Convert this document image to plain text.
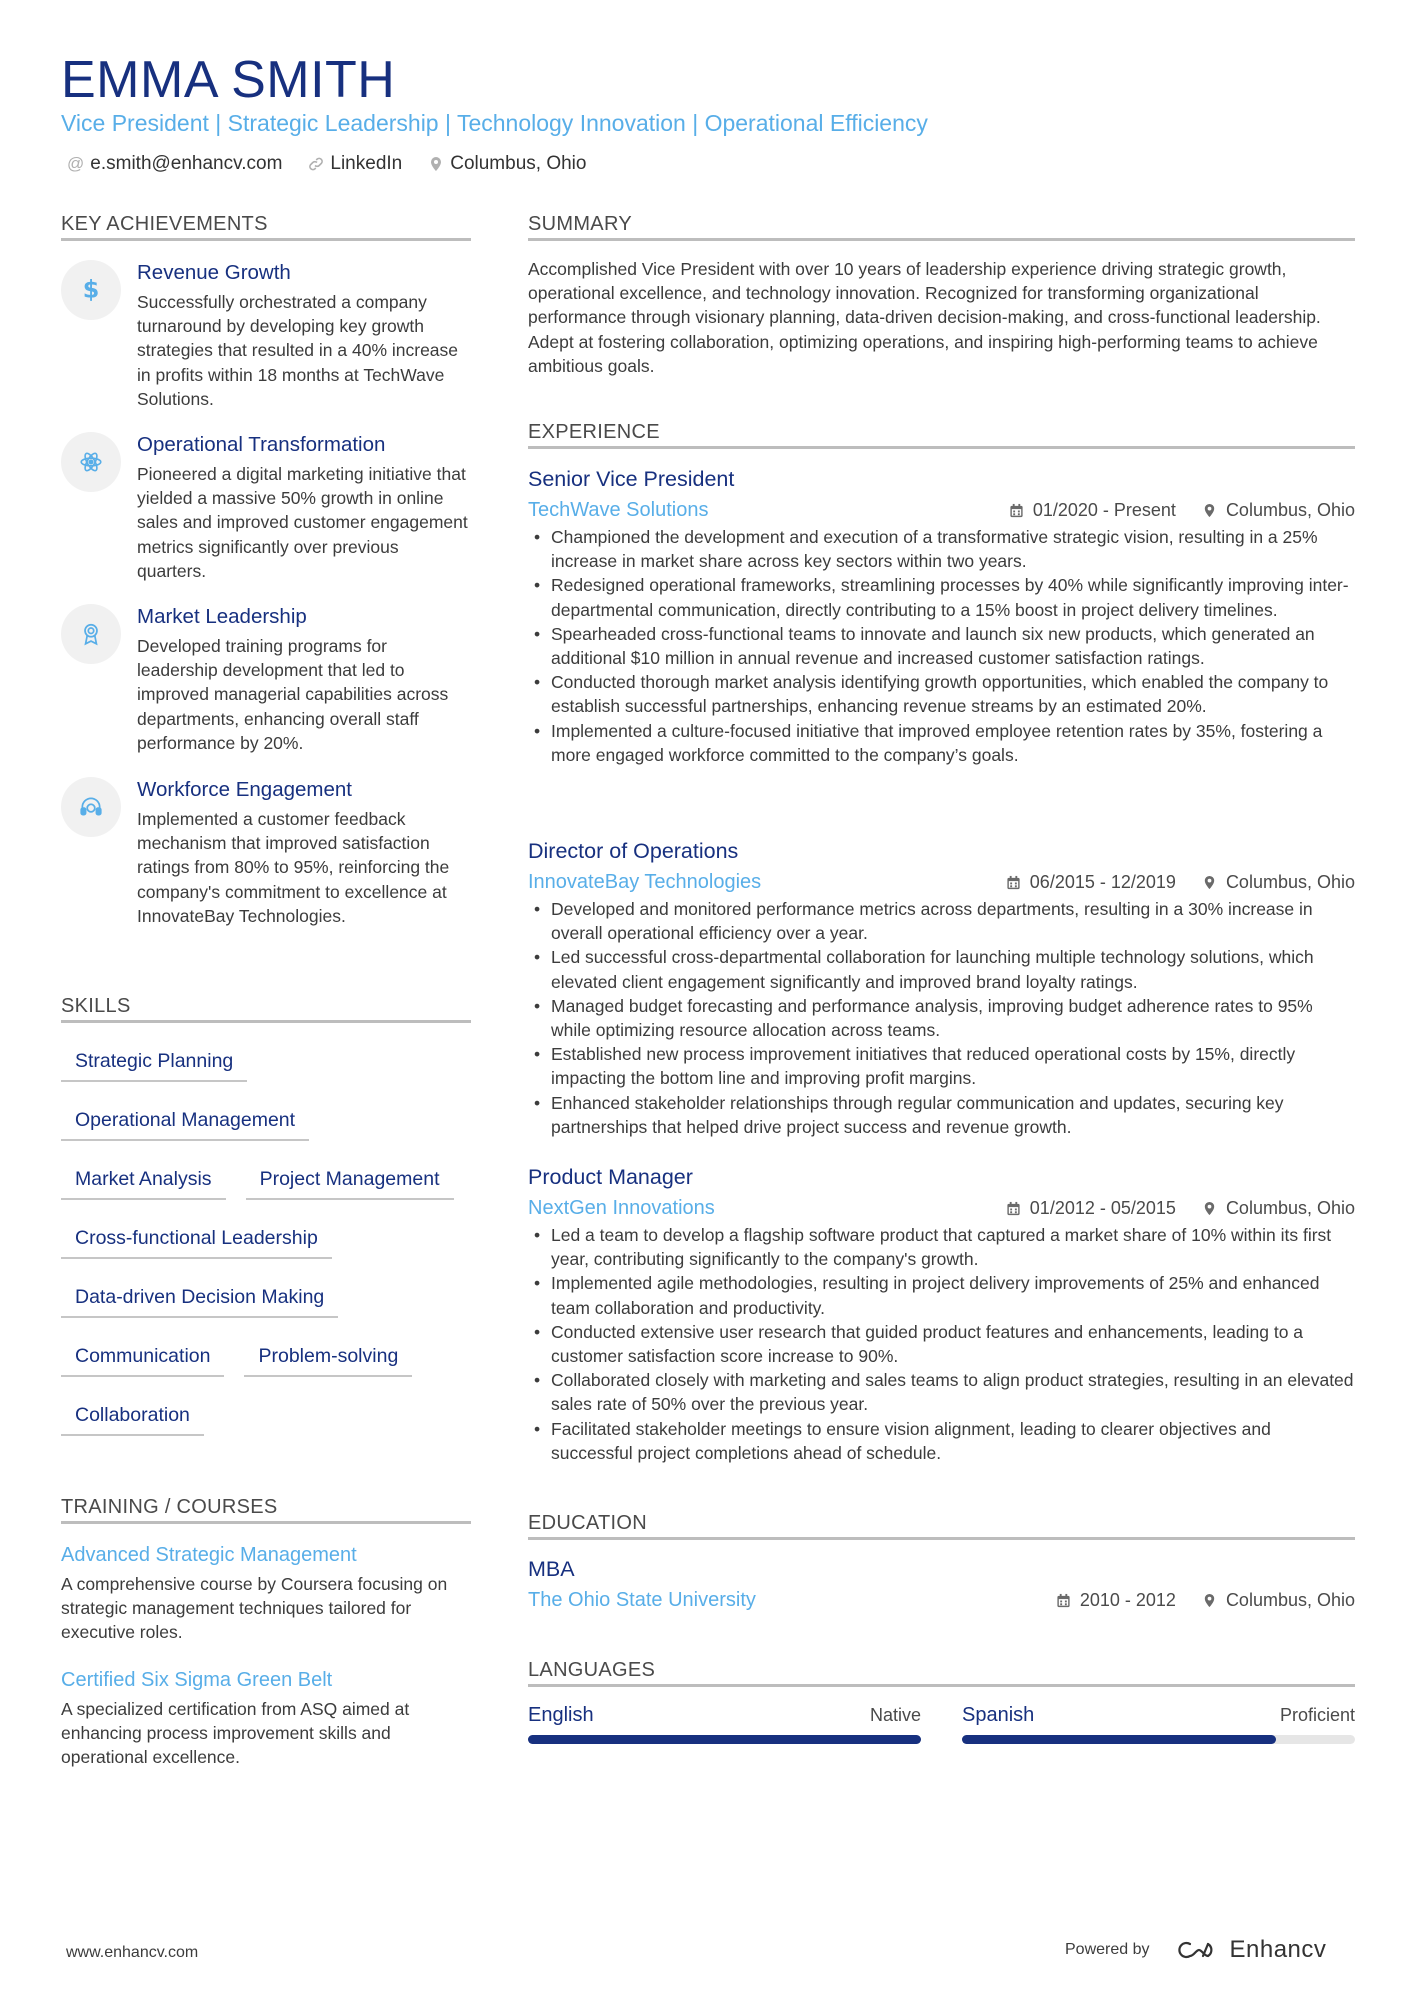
EMMA SMITH
Vice President | Strategic Leadership | Technology Innovation | Operational Efficiency
@ e.smith@enhancv.com	LinkedIn	Columbus, Ohio
KEY ACHIEVEMENTS
$
Revenue Growth
Successfully orchestrated a company turnaround by developing key growth strategies that resulted in a 40% increase in profits within 18 months at TechWave Solutions.
Operational Transformation
Pioneered a digital marketing initiative that yielded a massive 50% growth in online sales and improved customer engagement metrics significantly over previous quarters.
Market Leadership
Developed training programs for leadership development that led to improved managerial capabilities across departments, enhancing overall staff performance by 20%.
Workforce Engagement
Implemented a customer feedback mechanism that improved satisfaction ratings from 80% to 95%, reinforcing the company's commitment to excellence at InnovateBay Technologies.
SKILLS
Strategic Planning
Operational Management
Market Analysis	Project Management
Cross-functional Leadership
Data-driven Decision Making
Communication	Problem-solving
Collaboration
TRAINING / COURSES
Advanced Strategic Management
A comprehensive course by Coursera focusing on strategic management techniques tailored for executive roles.
Certified Six Sigma Green Belt
A specialized certification from ASQ aimed at enhancing process improvement skills and operational excellence.
SUMMARY
Accomplished Vice President with over 10 years of leadership experience driving strategic growth, operational excellence, and technology innovation. Recognized for transforming organizational performance through visionary planning, data-driven decision-making, and cross-functional leadership. Adept at fostering collaboration, optimizing operations, and inspiring high-performing teams to achieve ambitious goals.
EXPERIENCE
Senior Vice President
TechWave Solutions	01/2020 - Present	Columbus, Ohio
• Championed the development and execution of a transformative strategic vision, resulting in a 25% increase in market share across key sectors within two years.
• Redesigned operational frameworks, streamlining processes by 40% while significantly improving inter-departmental communication, directly contributing to a 15% boost in project delivery timelines.
• Spearheaded cross-functional teams to innovate and launch six new products, which generated an additional $10 million in annual revenue and increased customer satisfaction ratings.
• Conducted thorough market analysis identifying growth opportunities, which enabled the company to establish successful partnerships, enhancing revenue streams by an estimated 20%.
• Implemented a culture-focused initiative that improved employee retention rates by 35%, fostering a more engaged workforce committed to the company’s goals.
Director of Operations
InnovateBay Technologies	06/2015 - 12/2019	Columbus, Ohio
• Developed and monitored performance metrics across departments, resulting in a 30% increase in overall operational efficiency over a year.
• Led successful cross-departmental collaboration for launching multiple technology solutions, which elevated client engagement significantly and improved brand loyalty ratings.
• Managed budget forecasting and performance analysis, improving budget adherence rates to 95% while optimizing resource allocation across teams.
• Established new process improvement initiatives that reduced operational costs by 15%, directly impacting the bottom line and improving profit margins.
• Enhanced stakeholder relationships through regular communication and updates, securing key partnerships that helped drive project success and revenue growth.
Product Manager
NextGen Innovations	01/2012 - 05/2015	Columbus, Ohio
• Led a team to develop a flagship software product that captured a market share of 10% within its first year, contributing significantly to the company's growth.
• Implemented agile methodologies, resulting in project delivery improvements of 25% and enhanced team collaboration and productivity.
• Conducted extensive user research that guided product features and enhancements, leading to a customer satisfaction score increase to 90%.
• Collaborated closely with marketing and sales teams to align product strategies, resulting in an elevated sales rate of 50% over the previous year.
• Facilitated stakeholder meetings to ensure vision alignment, leading to clearer objectives and successful project completions ahead of schedule.
EDUCATION
MBA
The Ohio State University	2010 - 2012	Columbus, Ohio
LANGUAGES
English	Native Spanish	Proficient
www.enhancv.com	Powered by	Enhancv
